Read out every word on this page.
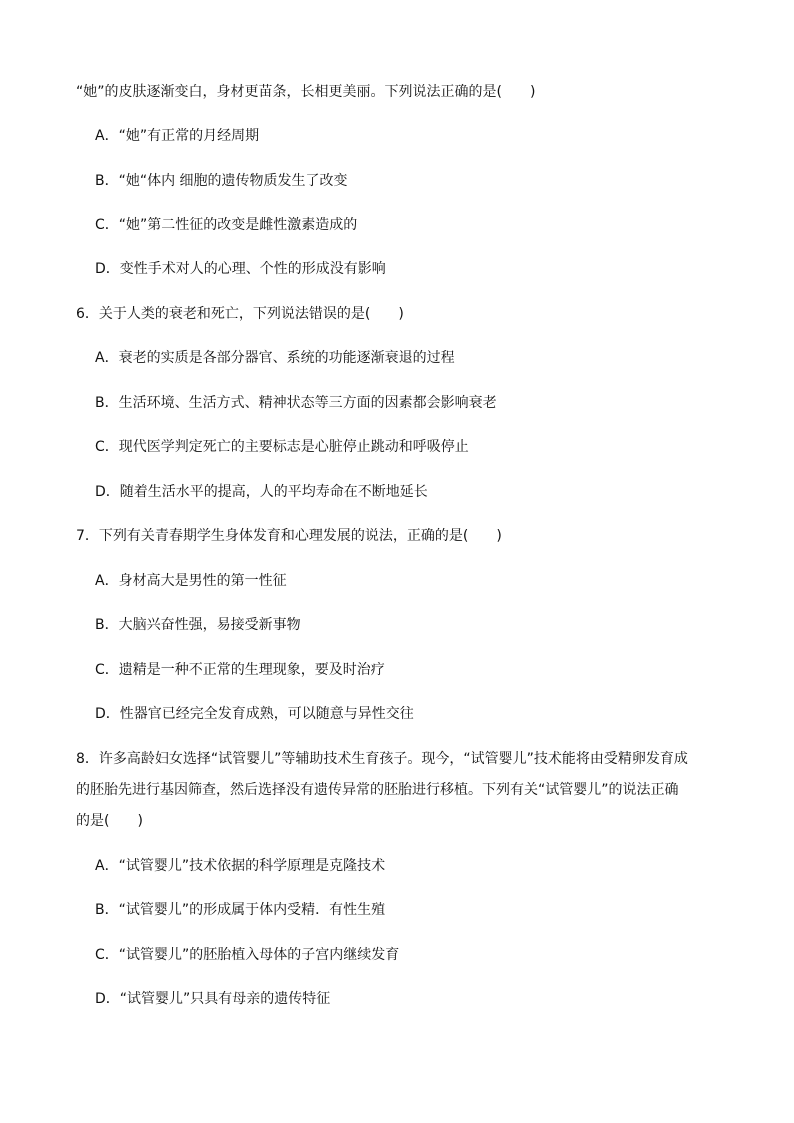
“她”的皮肤逐渐变白，身材更苗条，长相更美丽。下列说法正确的是(　　)
A．“她”有正常的月经周期
B．“她“体内 细胞的遗传物质发生了改变
C．“她”第二性征的改变是雌性激素造成的
D．变性手术对人的心理、个性的形成没有影响
6．关于人类的衰老和死亡，下列说法错误的是(　　)
A．衰老的实质是各部分器官、系统的功能逐渐衰退的过程
B．生活环境、生活方式、精神状态等三方面的因素都会影响衰老
C．现代医学判定死亡的主要标志是心脏停止跳动和呼吸停止
D．随着生活水平的提高，人的平均寿命在不断地延长
7．下列有关青春期学生身体发育和心理发展的说法，正确的是(　　)
A．身材高大是男性的第一性征
B．大脑兴奋性强，易接受新事物
C．遗精是一种不正常的生理现象，要及时治疗
D．性器官已经完全发育成熟，可以随意与异性交往
8．许多高龄妇女选择“试管婴儿”等辅助技术生育孩子。现今，“试管婴儿”技术能将由受精卵发育成
的胚胎先进行基因筛查，然后选择没有遗传异常的胚胎进行移植。下列有关“试管婴儿”的说法正确
的是(　　)
A．“试管婴儿”技术依据的科学原理是克隆技术
B．“试管婴儿”的形成属于体内受精．有性生殖
C．“试管婴儿”的胚胎植入母体的子宫内继续发育
D．“试管婴儿”只具有母亲的遗传特征
